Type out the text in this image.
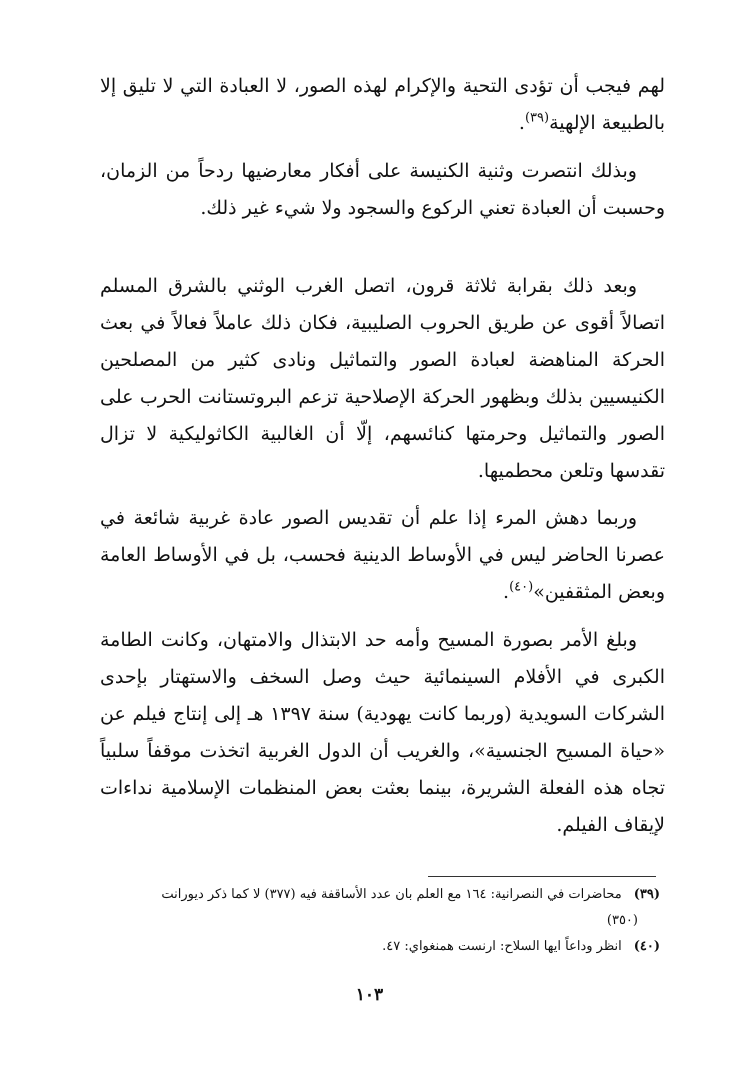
لهم فيجب أن تؤدى التحية والإكرام لهذه الصور، لا العبادة التي لا تليق إلا بالطبيعة الإلهية$^{(٣٩)}$.

وبذلك انتصرت وثنية الكنيسة على أفكار معارضيها ردحاً من الزمان، وحسبت أن العبادة تعني الركوع والسجود ولا شيء غير ذلك.

وبعد ذلك بقرابة ثلاثة قرون، اتصل الغرب الوثني بالشرق المسلم اتصالاً أقوى عن طريق الحروب الصليبية، فكان ذلك عاملاً فعالاً في بعث الحركة المناهضة لعبادة الصور والتماثيل ونادى كثير من المصلحين الكنيسيين بذلك وبظهور الحركة الإصلاحية تزعم البروتستانت الحرب على الصور والتماثيل وحرمتها كنائسهم، إلّا أن الغالبية الكاثوليكية لا تزال تقدسها وتلعن محطميها.

وربما دهش المرء إذا علم أن تقديس الصور عادة غربية شائعة في عصرنا الحاضر ليس في الأوساط الدينية فحسب، بل في الأوساط العامة وبعض المثقفين»$^{(٤٠)}$.

وبلغ الأمر بصورة المسيح وأمه حد الابتذال والامتهان، وكانت الطامة الكبرى في الأفلام السينمائية حيث وصل السخف والاستهتار بإحدى الشركات السويدية (وربما كانت يهودية) سنة ١٣٩٧ هـ إلى إنتاج فيلم عن «حياة المسيح الجنسية»، والغريب أن الدول الغربية اتخذت موقفاً سلبياً تجاه هذه الفعلة الشريرة، بينما بعثت بعض المنظمات الإسلامية نداءات لإيقاف الفيلم.

(٣٩)محاضرات في النصرانية: ١٦٤ مع العلم بان عدد الأساقفة فيه (٣٧٧) لا كما ذكر ديورانت

(٣٥٠)

(٤٠)انظر وداعاً ايها السلاح: ارنست همنغواي: ٤٧.

١٠٣
